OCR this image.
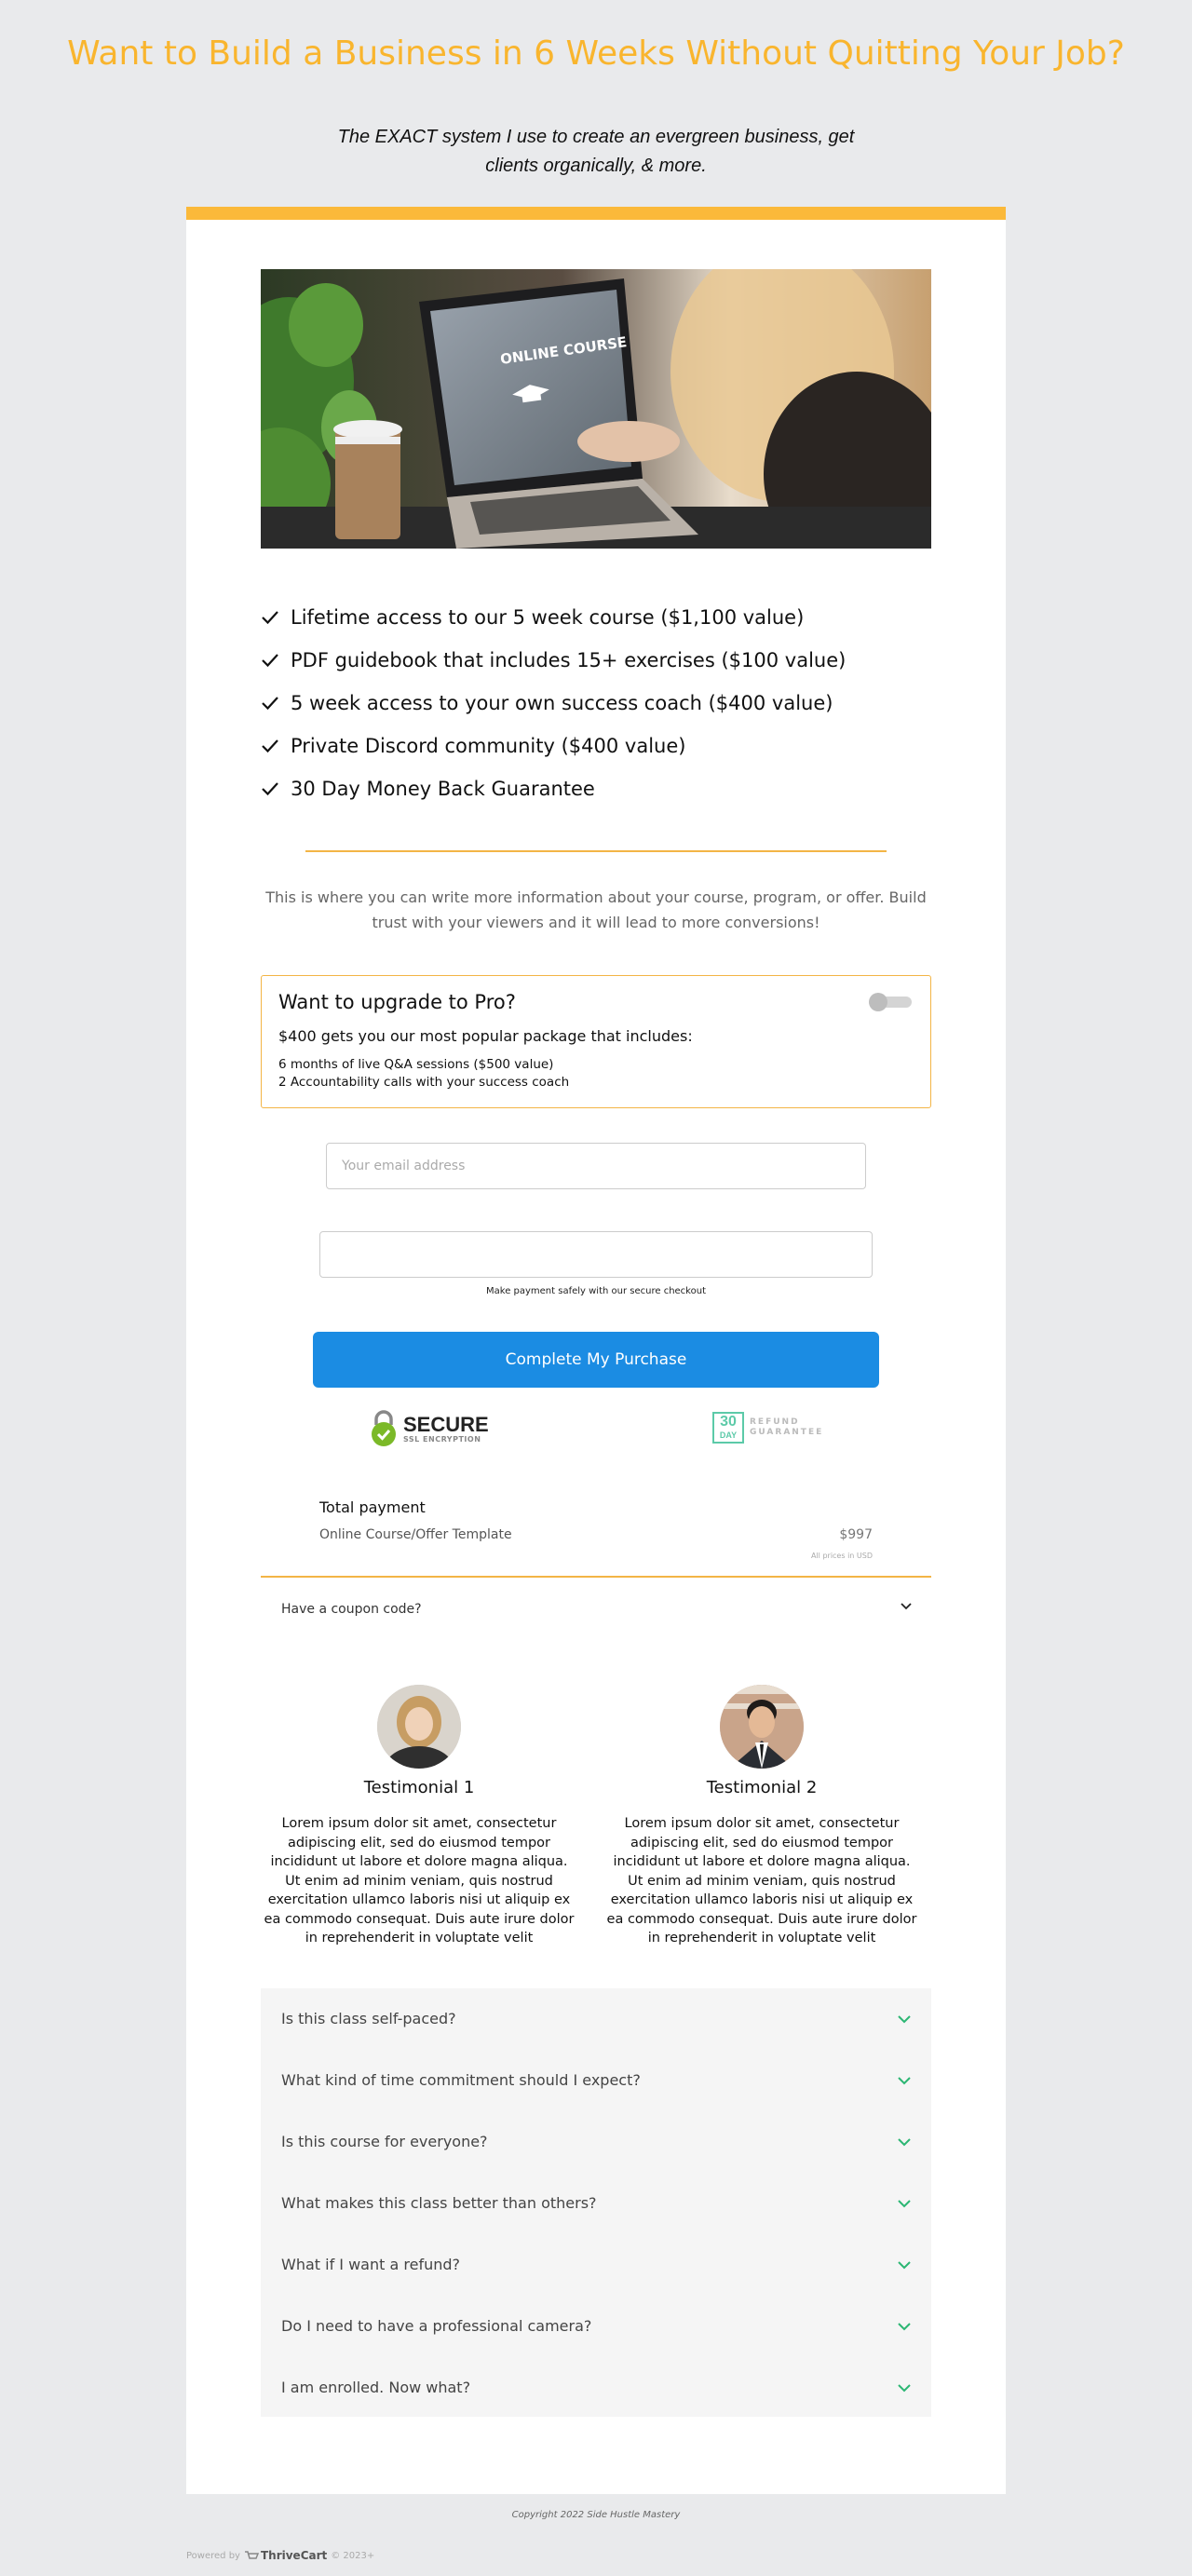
Want to Build a Business in 6 Weeks Without Quitting Your Job?

The EXACT system I use to create an evergreen business, get clients organically, & more.

ONLINE COURSE
Lifetime access to our 5 week course ($1,100 value)
PDF guidebook that includes 15+ exercises ($100 value)
5 week access to your own success coach ($400 value)
Private Discord community ($400 value)
30 Day Money Back Guarantee

This is where you can write more information about your course, program, or offer. Build trust with your viewers and it will lead to more conversions!

Want to upgrade to Pro?
$400 gets you our most popular package that includes:
6 months of live Q&A sessions ($500 value)
2 Accountability calls with your success coach
Your email address
Make payment safely with our secure checkout
Complete My Purchase
SECURE
SSL ENCRYPTION
30
DAY
REFUND
GUARANTEE
Total payment
Online Course/Offer Template	$997
All prices in USD
Have a coupon code?
Testimonial 1

Lorem ipsum dolor sit amet, consectetur adipiscing elit, sed do eiusmod tempor incididunt ut labore et dolore magna aliqua. Ut enim ad minim veniam, quis nostrud exercitation ullamco laboris nisi ut aliquip ex ea commodo consequat. Duis aute irure dolor in reprehenderit in voluptate velit

Testimonial 2

Lorem ipsum dolor sit amet, consectetur adipiscing elit, sed do eiusmod tempor incididunt ut labore et dolore magna aliqua. Ut enim ad minim veniam, quis nostrud exercitation ullamco laboris nisi ut aliquip ex ea commodo consequat. Duis aute irure dolor in reprehenderit in voluptate velit

Is this class self-paced?
What kind of time commitment should I expect?
Is this course for everyone?
What makes this class better than others?
What if I want a refund?
Do I need to have a professional camera?
I am enrolled. Now what?
Copyright 2022 Side Hustle Mastery
Powered by ThriveCart © 2023+
